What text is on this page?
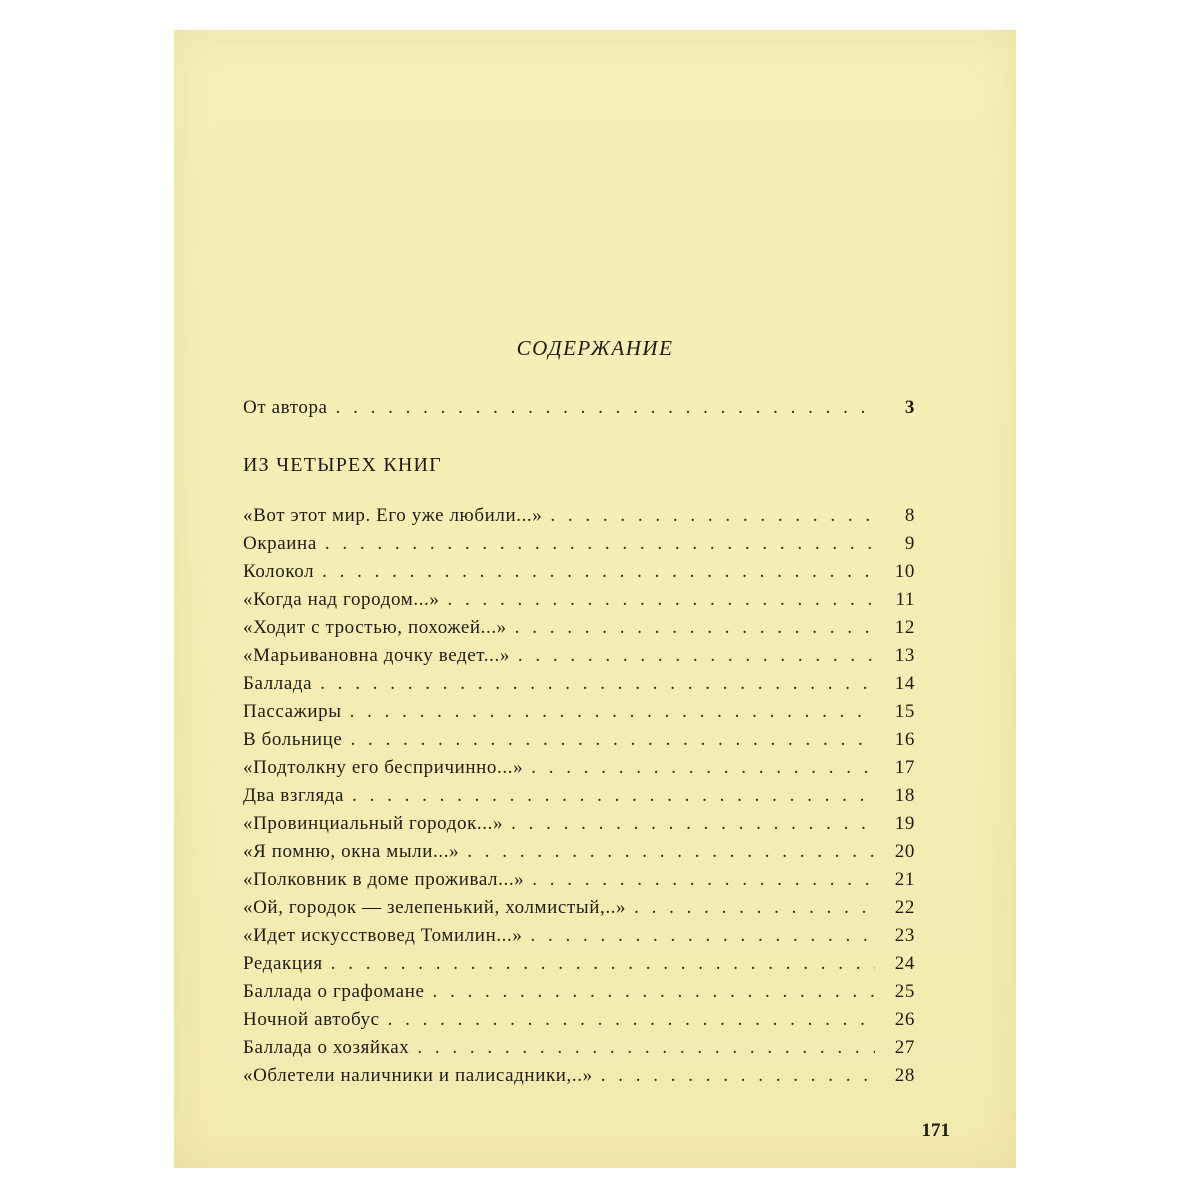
СОДЕРЖАНИЕ
От автора . . .	3
ИЗ ЧЕТЫРЕХ КНИГ
«Вот этот мир. Его уже любили...» . . .	8
Окраина . . .	9
Колокол . . .	10
«Когда над городом...» . . .	11
«Ходит с тростью, похожей...» . . .	12
«Марьивановна дочку ведет...» . . .	13
Баллада . . .	14
Пассажиры . . .	15
В больнице . . .	16
«Подтолкну его беспричинно...» . . .	17
Два взгляда . . .	18
«Провинциальный городок...» . . .	19
«Я помню, окна мыли...» . . .	20
«Полковник в доме проживал...» . . .	21
«Ой, городок — зелепенький, холмистый,..» . . .	22
«Идет искусствовед Томилин...» . . .	23
Редакция . . .	24
Баллада о графомане . . .	25
Ночной автобус . . .	26
Баллада о хозяйках . . .	27
«Облетели наличники и палисадники,..» . . .	28
171
